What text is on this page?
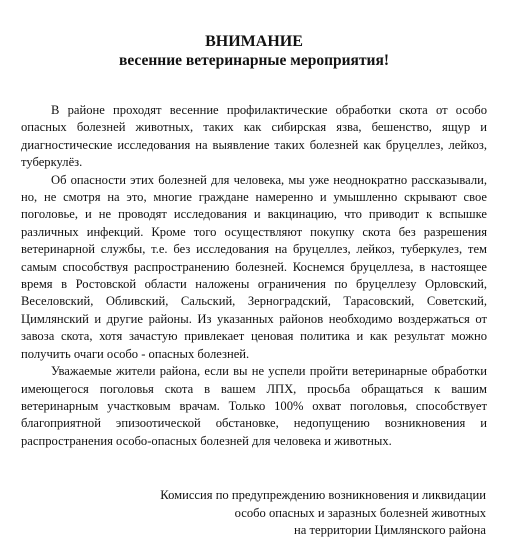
ВНИМАНИЕ
весенние ветеринарные мероприятия!

В районе проходят весенние профилактические обработки скота от особо опасных болезней животных, таких как сибирская язва, бешенство, ящур и диагностические исследования на выявление таких болезней как бруцеллез, лейкоз, туберкулёз.

Об опасности этих болезней для человека, мы уже неоднократно рассказывали, но, не смотря на это, многие граждане намеренно и умышленно скрывают свое поголовье, и не проводят исследования и вакцинацию, что приводит к вспышке различных инфекций. Кроме того осуществляют покупку скота без разрешения ветеринарной службы, т.е. без исследования на бруцеллез, лейкоз, туберкулез, тем самым способствуя распространению болезней. Коснемся бруцеллеза, в настоящее время в Ростовской области наложены ограничения по бруцеллезу Орловский, Веселовский, Обливский, Сальский, Зерноградский, Тарасовский, Советский, Цимлянский и другие районы. Из указанных районов необходимо воздержаться от завоза скота, хотя зачастую привлекает ценовая политика и как результат можно получить очаги особо - опасных болезней.

Уважаемые жители района, если вы не успели пройти ветеринарные обработки имеющегося поголовья скота в вашем ЛПХ, просьба обращаться к вашим ветеринарным участковым врачам. Только 100% охват поголовья, способствует благоприятной эпизоотической обстановке, недопущению возникновения и распространения особо-опасных болезней для человека и животных.

Комиссия по предупреждению возникновения и ликвидации
особо опасных и заразных болезней животных
на территории Цимлянского района
